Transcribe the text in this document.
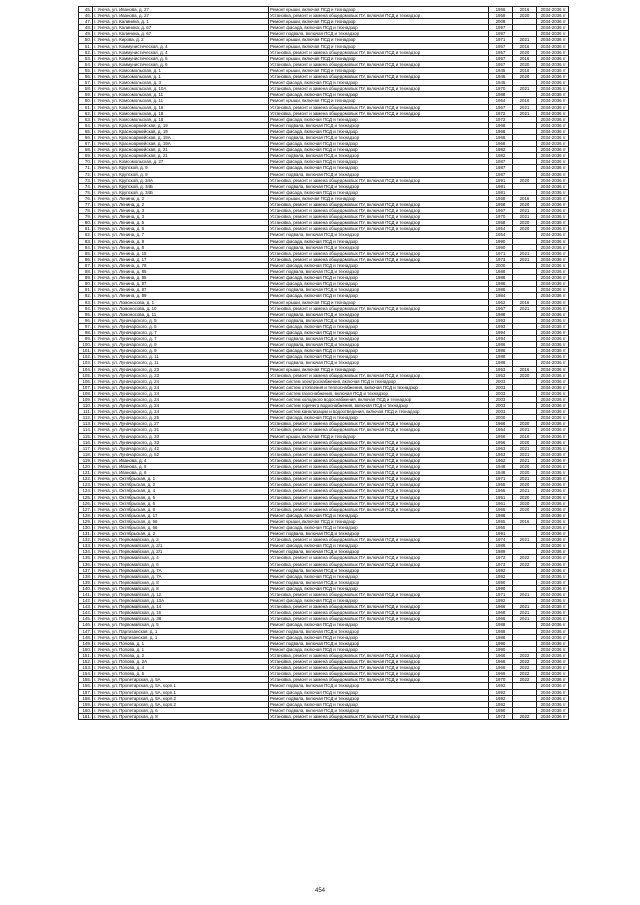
45.	г. Унеча, ул. Иванова, д. 27	Ремонт крыши, включая ПСД и технадзор	1959	2016	2034-2036 гг
46.	г. Унеча, ул. Иванова, д. 27	Установка, ремонт и замена общедомовых ПУ, включая ПСД и технадзор	1959	2020	2034-2036 гг
47.	г. Унеча, ул. Калинина, д. 1	Ремонт крыши, включая ПСД и технадзор	2009		2034-2036 гг
48.	г. Унеча, ул. Калинина, д. 67	Ремонт фасада, включая ПСД и технадзор	1997		2034-2036 гг
49.	г. Унеча, ул. Калинина, д. 67	Ремонт подвала, включая ПСД и технадзор	1997		2034-2036 гг
50.	г. Унеча, ул. Кирова, д. 2	Ремонт крыши, включая ПСД и технадзор	1971	2021	2034-2036 гг
51.	г. Унеча, ул. Коммунистическая, д. 4	Ремонт крыши, включая ПСД и технадзор	1957	2016	2034-2036 гг
52.	г. Унеча, ул. Коммунистическая, д. 4	Установка, ремонт и замена общедомовых ПУ, включая ПСД и технадзор	1957	2020	2034-2036 гг
53.	г. Унеча, ул. Коммунистическая, д. 6	Ремонт крыши, включая ПСД и технадзор	1957	2016	2034-2036 гг
54.	г. Унеча, ул. Коммунистическая, д. 6	Установка, ремонт и замена общедомовых ПУ, включая ПСД и технадзор	1957	2020	2034-2036 гг
55.	г. Унеча, ул. Комсомольская, д. 1	Ремонт крыши, включая ПСД и технадзор	1945	2016	2034-2036 гг
56.	г. Унеча, ул. Комсомольская, д. 1	Установка, ремонт и замена общедомовых ПУ, включая ПСД и технадзор	1945	2020	2034-2036 гг
57.	г. Унеча, ул. Комсомольская, д. 3	Ремонт фасада, включая ПСД и технадзор	1945		2034-2036 гг
58.	г. Унеча, ул. Комсомольская, д. 10А	Установка, ремонт и замена общедомовых ПУ, включая ПСД и технадзор	1970	2021	2034-2036 гг
59.	г. Унеча, ул. Комсомольская, д. 11	Ремонт фасада, включая ПСД и технадзор	1988		2034-2036 гг
60.	г. Унеча, ул. Комсомольская, д. 11	Ремонт крыши, включая ПСД и технадзор	1964	2016	2034-2036 гг
61.	г. Унеча, ул. Комсомольская, д. 16	Установка, ремонт и замена общедомовых ПУ, включая ПСД и технадзор	1967	2021	2034-2036 гг
62.	г. Унеча, ул. Комсомольская, д. 18	Установка, ремонт и замена общедомовых ПУ, включая ПСД и технадзор	1972	2021	2034-2036 гг
63.	г. Унеча, ул. Комсомольская, д. 18	Ремонт фасада, включая ПСД и технадзор	1972		2034-2036 гг
64.	г. Унеча, ул. Красноармейская, д. 19	Ремонт подвала, включая ПСД и технадзор	1968		2034-2036 гг
65.	г. Унеча, ул. Красноармейская, д. 19	Ремонт фасада, включая ПСД и технадзор	1968		2034-2036 гг
66.	г. Унеча, ул. Красноармейская, д. 19А	Ремонт подвала, включая ПСД и технадзор	1968		2034-2036 гг
67.	г. Унеча, ул. Красноармейская, д. 19А	Ремонт фасада, включая ПСД и технадзор	1968		2034-2036 гг
68.	г. Унеча, ул. Красноармейская, д. 21	Ремонт фасада, включая ПСД и технадзор	1982		2034-2036 гг
69.	г. Унеча, ул. Красноармейская, д. 21	Ремонт подвала, включая ПСД и технадзор	1982		2034-2036 гг
70.	г. Унеча, ул. Комсомольская, д. 27	Ремонт фасада, включая ПСД и технадзор	1987		2034-2036 гг
71.	г. Унеча, ул. Крупской, д. 9	Ремонт фасада, включая ПСД и технадзор	1987		2034-2036 гг
72.	г. Унеча, ул. Крупской, д. 9	Ремонт подвала, включая ПСД и технадзор	1987		2034-2036 гг
73.	г. Унеча, ул. Крупской, д. 34А	Установка, ремонт и замена общедомовых ПУ, включая ПСД и технадзор	1991	2020	2034-2036 гг
74.	г. Унеча, ул. Крупской, д. 34Б	Ремонт подвала, включая ПСД и технадзор	1981		2034-2036 гг
75.	г. Унеча, ул. Крупской, д. 34Б	Ремонт фасада, включая ПСД и технадзор	1981		2034-2036 гг
76.	г. Унеча, ул. Ленина, д. 2	Ремонт крыши, включая ПСД и технадзор	1958	2016	2034-2036 гг
77.	г. Унеча, ул. Ленина, д. 2	Установка, ремонт и замена общедомовых ПУ, включая ПСД и технадзор	1958	2020	2034-2036 гг
78.	г. Унеча, ул. Ленина, д. 3	Установка, ремонт и замена общедомовых ПУ, включая ПСД и технадзор	1967	2021	2034-2036 гг
79.	г. Унеча, ул. Ленина, д. 3	Установка, ремонт и замена общедомовых ПУ, включая ПСД и технадзор	1970	2021	2034-2036 гг
80.	г. Унеча, ул. Ленина, д. 5	Установка, ремонт и замена общедомовых ПУ, включая ПСД и технадзор	1958	2020	2034-2036 гг
81.	г. Унеча, ул. Ленина, д. 5	Установка, ремонт и замена общедомовых ПУ, включая ПСД и технадзор	1954	2020	2034-2036 гг
82.	г. Унеча, ул. Ленина, д. 7	Ремонт подвала, включая ПСД и технадзор	1954		2034-2036 гг
83.	г. Унеча, ул. Ленина, д. 8	Ремонт фасада, включая ПСД и технадзор	1990		2034-2036 гг
84.	г. Унеча, ул. Ленина, д. 8	Ремонт подвала, включая ПСД и технадзор	1990		2034-2036 гг
85.	г. Унеча, ул. Ленина, д. 15	Установка, ремонт и замена общедомовых ПУ, включая ПСД и технадзор	1971	2021	2034-2036 гг
86.	г. Унеча, ул. Ленина, д. 17	Установка, ремонт и замена общедомовых ПУ, включая ПСД и технадзор	1973	2021	2034-2036 гг
87.	г. Унеча, ул. Ленина, д. 78	Ремонт фасада, включая ПСД и технадзор	2000		2034-2036 гг
88.	г. Унеча, ул. Ленина, д. 85	Ремонт подвала, включая ПСД и технадзор	1988		2034-2036 гг
89.	г. Унеча, ул. Ленина, д. 85	Ремонт фасада, включая ПСД и технадзор	1988		2034-2036 гг
90.	г. Унеча, ул. Ленина, д. 87	Ремонт фасада, включая ПСД и технадзор	1988		2034-2036 гг
91.	г. Унеча, ул. Ленина, д. 87	Ремонт подвала, включая ПСД и технадзор	1988		2034-2036 гг
92.	г. Унеча, ул. Ленина, д. 89	Ремонт фасада, включая ПСД и технадзор	1984		2034-2036 гг
93.	г. Унеча, ул. Ломоносова, д. 1	Ремонт крыши, включая ПСД и технадзор	1962	2016	2034-2036 гг
94.	г. Унеча, ул. Ломоносова, д. 10	Установка, ремонт и замена общедомовых ПУ, включая ПСД и технадзор	1967	2021	2034-2036 гг
95.	г. Унеча, ул. Ломоносова, д. 11	Ремонт подвала, включая ПСД и технадзор	1988		2034-2036 гг
96.	г. Унеча, ул. Луначарского, д. 5	Ремонт подвала, включая ПСД и технадзор	1993		2034-2036 гг
97.	г. Унеча, ул. Луначарского, д. 5	Ремонт фасада, включая ПСД и технадзор	1993		2034-2036 гг
98.	г. Унеча, ул. Луначарского, д. 7	Ремонт фасада, включая ПСД и технадзор	1994		2034-2036 гг
99.	г. Унеча, ул. Луначарского, д. 7	Ремонт подвала, включая ПСД и технадзор	1994		2034-2036 гг
100.	г. Унеча, ул. Луначарского, д. 9	Ремонт подвала, включая ПСД и технадзор	1986		2034-2036 гг
101.	г. Унеча, ул. Луначарского, д. 9	Ремонт фасада, включая ПСД и технадзор	1986		2034-2036 гг
102.	г. Унеча, ул. Луначарского, д. 11	Ремонт фасада, включая ПСД и технадзор	1988		2034-2036 гг
103.	г. Унеча, ул. Луначарского, д. 11	Ремонт подвала, включая ПСД и технадзор	1988		2034-2036 гг
104.	г. Унеча, ул. Луначарского, д. 23	Ремонт крыши, включая ПСД и технадзор	1953	2016	2034-2036 гг
105.	г. Унеча, ул. Луначарского, д. 23	Установка, ремонт и замена общедомовых ПУ, включая ПСД и технадзор	1953	2020	2034-2036 гг
106.	г. Унеча, ул. Луначарского, д. 24	Ремонт систем электроснабжения, включая ПСД и технадзор	2003		2034-2036 гг
107.	г. Унеча, ул. Луначарского, д. 24	Ремонт систем отопления и теплоснабжения, включая ПСД и технадзор	2003		2034-2036 гг
108.	г. Унеча, ул. Луначарского, д. 24	Ремонт систем газоснабжения, включая ПСД и технадзор	2003		2034-2036 гг
109.	г. Унеча, ул. Луначарского, д. 24	Ремонт систем холодного водоснабжения, включая ПСД и технадзор	2003		2034-2036 гг
110.	г. Унеча, ул. Луначарского, д. 24	Ремонт систем горячего водоснабжения, включая ПСД и технадзор	2003		2034-2036 гг
111.	г. Унеча, ул. Луначарского, д. 24	Ремонт систем канализации и водоотведения, включая ПСД и технадзор	2003		2034-2036 гг
112.	г. Унеча, ул. Луначарского, д. 25	Ремонт фасада, включая ПСД и технадзор	2000		2034-2036 гг
113.	г. Унеча, ул. Луначарского, д. 27	Установка, ремонт и замена общедомовых ПУ, включая ПСД и технадзор	1966	2020	2034-2036 гг
114.	г. Унеча, ул. Луначарского, д. 31	Установка, ремонт и замена общедомовых ПУ, включая ПСД и технадзор	1964	2021	2034-2036 гг
115.	г. Унеча, ул. Луначарского, д. 33	Ремонт крыши, включая ПСД и технадзор	1956	2016	2034-2036 гг
116.	г. Унеча, ул. Луначарского, д. 33	Установка, ремонт и замена общедомовых ПУ, включая ПСД и технадзор	1956	2020	2034-2036 гг
117.	г. Унеча, ул. Луначарского, д. 42	Установка, ремонт и замена общедомовых ПУ, включая ПСД и технадзор	1963	2021	2034-2036 гг
118.	г. Унеча, ул. Луначарского, д. 52	Установка, ремонт и замена общедомовых ПУ, включая ПСД и технадзор	1963	2021	2034-2036 гг
119.	г. Унеча, ул. Иванова, д. 4	Установка, ремонт и замена общедомовых ПУ, включая ПСД и технадзор	1962	2021	2034-2036 гг
120.	г. Унеча, ул. Иванова, д. 6	Установка, ремонт и замена общедомовых ПУ, включая ПСД и технадзор	1948	2020	2034-2036 гг
121.	г. Унеча, ул. Иванова, д. 8	Установка, ремонт и замена общедомовых ПУ, включая ПСД и технадзор	1948	2020	2034-2036 гг
122.	г. Унеча, ул. Октябрьская, д. 1	Установка, ремонт и замена общедомовых ПУ, включая ПСД и технадзор	1971	2021	2034-2036 гг
123.	г. Унеча, ул. Октябрьская, д. 2	Установка, ремонт и замена общедомовых ПУ, включая ПСД и технадзор	1955	2020	2034-2036 гг
124.	г. Унеча, ул. Октябрьская, д. 4	Установка, ремонт и замена общедомовых ПУ, включая ПСД и технадзор	1965	2021	2034-2036 гг
125.	г. Унеча, ул. Октябрьская, д. 5	Установка, ремонт и замена общедомовых ПУ, включая ПСД и технадзор	1951	2020	2034-2036 гг
126.	г. Унеча, ул. Октябрьская, д. 6	Установка, ремонт и замена общедомовых ПУ, включая ПСД и технадзор	1961	2020	2034-2036 гг
127.	г. Унеча, ул. Октябрьская, д. 8	Установка, ремонт и замена общедомовых ПУ, включая ПСД и технадзор	1955	2020	2034-2036 гг
128.	г. Унеча, ул. Октябрьская, д. 17	Ремонт фасада, включая ПСД и технадзор	1988		2034-2036 гг
129.	г. Унеча, ул. Октябрьская, д. 66	Ремонт крыши, включая ПСД и технадзор	1955	2016	2034-2036 гг
130.	г. Унеча, ул. Октябрьская, д. 66	Ремонт фасада, включая ПСД и технадзор	1955		2034-2036 гг
131.	г. Унеча, ул. Октябрьская, д. 2	Ремонт подвала, включая ПСД и технадзор	1991		2034-2036 гг
132.	г. Унеча, ул. Первомайская, д. 2	Установка, ремонт и замена общедомовых ПУ, включая ПСД и технадзор	1974	2021	2034-2036 гг
133.	г. Унеча, ул. Первомайская, д. 2/1	Ремонт фасада, включая ПСД и технадзор	1989		2034-2036 гг
134.	г. Унеча, ул. Первомайская, д. 2/1	Ремонт подвала, включая ПСД и технадзор	1989		2034-2036 гг
135.	г. Унеча, ул. Первомайская, д. 4	Установка, ремонт и замена общедомовых ПУ, включая ПСД и технадзор	1972	2022	2034-2036 гг
136.	г. Унеча, ул. Первомайская, д. 6	Установка, ремонт и замена общедомовых ПУ, включая ПСД и технадзор	1973	2022	2034-2036 гг
137.	г. Унеча, ул. Первомайская, д. 7А	Ремонт подвала, включая ПСД и технадзор	1992		2034-2036 гг
138.	г. Унеча, ул. Первомайская, д. 7А	Ремонт фасада, включая ПСД и технадзор	1992		2034-2036 гг
139.	г. Унеча, ул. Первомайская, д. 8	Ремонт подвала, включая ПСД и технадзор	1990		2034-2036 гг
140.	г. Унеча, ул. Первомайская, д. 8	Ремонт фасада, включая ПСД и технадзор	1990		2034-2036 гг
141.	г. Унеча, ул. Первомайская, д. 12	Установка, ремонт и замена общедомовых ПУ, включая ПСД и технадзор	1971	2021	2034-2036 гг
142.	г. Унеча, ул. Первомайская, д. 13А	Ремонт фасада, включая ПСД и технадзор	1992		2034-2036 гг
143.	г. Унеча, ул. Первомайская, д. 14	Установка, ремонт и замена общедомовых ПУ, включая ПСД и технадзор	1966	2021	2034-2036 гг
144.	г. Унеча, ул. Первомайская, д. 16	Установка, ремонт и замена общедомовых ПУ, включая ПСД и технадзор	1968	2021	2034-2036 гг
145.	г. Унеча, ул. Первомайская, д. 38	Установка, ремонт и замена общедомовых ПУ, включая ПСД и технадзор	1966	2021	2034-2036 гг
146.	г. Унеча, ул. Первомайская, д. 5	Ремонт фасада, включая ПСД и технадзор	1988		2034-2036 гг
147.	г. Унеча, ул. Партизанская, д. 1	Ремонт подвала, включая ПСД и технадзор	1988		2034-2036 гг
148.	г. Унеча, ул. Партизанская, д. 1	Ремонт фасада, включая ПСД и технадзор	1988		2034-2036 гг
149.	г. Унеча, ул. Попова, д. 1	Ремонт подвала, включая ПСД и технадзор	1990		2034-2036 гг
150.	г. Унеча, ул. Попова, д. 1	Ремонт фасада, включая ПСД и технадзор	1990		2034-2036 гг
151.	г. Унеча, ул. Попова, д. 2	Установка, ремонт и замена общедомовых ПУ, включая ПСД и технадзор	1966	2022	2034-2036 гг
152.	г. Унеча, ул. Попова, д. 2А	Установка, ремонт и замена общедомовых ПУ, включая ПСД и технадзор	1966	2022	2034-2036 гг
153.	г. Унеча, ул. Попова, д. 4	Установка, ремонт и замена общедомовых ПУ, включая ПСД и технадзор	1969	2022	2034-2036 гг
154.	г. Унеча, ул. Попова, д. 5	Установка, ремонт и замена общедомовых ПУ, включая ПСД и технадзор	1969	2022	2034-2036 гг
155.	г. Унеча, ул. Пролетарская, д. 5А	Установка, ремонт и замена общедомовых ПУ, включая ПСД и технадзор	1970	2022	2034-2036 гг
156.	г. Унеча, ул. Пролетарская, д. 5А, корп.1	Ремонт подвала, включая ПСД и технадзор	1992		2034-2036 гг
157.	г. Унеча, ул. Пролетарская, д. 5А, корп.1	Ремонт фасада, включая ПСД и технадзор	1992		2034-2036 гг
158.	г. Унеча, ул. Пролетарская, д. 5А, корп.2	Ремонт подвала, включая ПСД и технадзор	1992		2034-2036 гг
159.	г. Унеча, ул. Пролетарская, д. 5А, корп.2	Ремонт фасада, включая ПСД и технадзор	1992		2034-2036 гг
160.	г. Унеча, ул. Пролетарская, д. 6	Ремонт подвала, включая ПСД и технадзор	1990		2034-2036 гг
161.	г. Унеча, ул. Пролетарская, д. 8	Установка, ремонт и замена общедомовых ПУ, включая ПСД и технадзор	1973	2022	2034-2036 гг
454
